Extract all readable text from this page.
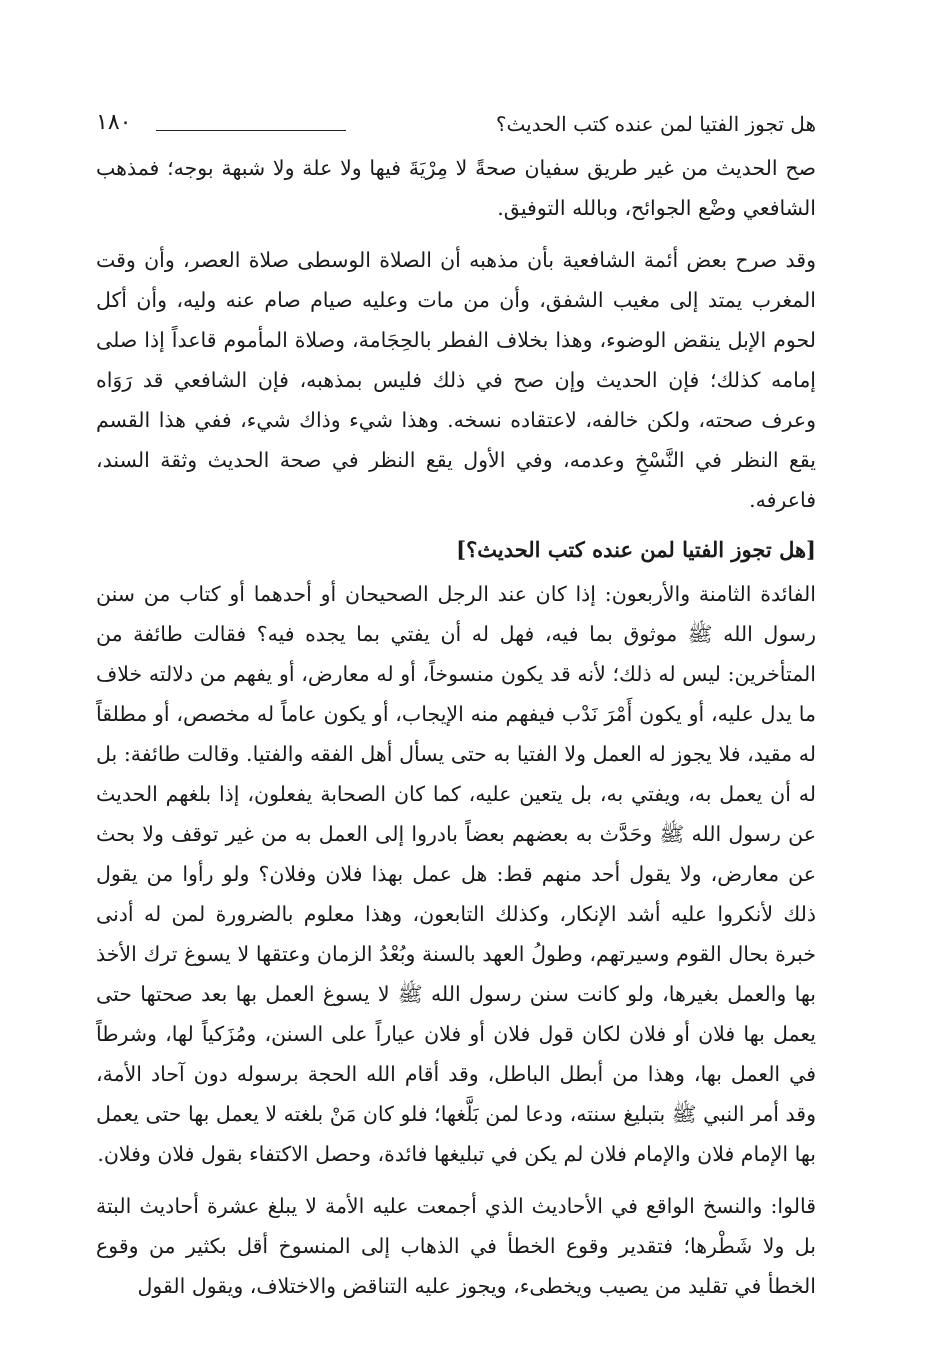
هل تجوز الفتيا لمن عنده كتب الحديث؟
١٨٠

صح الحديث من غير طريق سفيان صحةً لا مِرْيَةَ فيها ولا علة ولا شبهة بوجه؛ فمذهب الشافعي وضْع الجوائح، وبالله التوفيق.

وقد صرح بعض أئمة الشافعية بأن مذهبه أن الصلاة الوسطى صلاة العصر، وأن وقت المغرب يمتد إلى مغيب الشفق، وأن من مات وعليه صيام صام عنه وليه، وأن أكل لحوم الإبل ينقض الوضوء، وهذا بخلاف الفطر بالحِجَامة، وصلاة المأموم قاعداً إذا صلى إمامه كذلك؛ فإن الحديث وإن صح في ذلك فليس بمذهبه، فإن الشافعي قد رَوَاه وعرف صحته، ولكن خالفه، لاعتقاده نسخه. وهذا شيء وذاك شيء، ففي هذا القسم يقع النظر في النَّسْخِ وعدمه، وفي الأول يقع النظر في صحة الحديث وثقة السند، فاعرفه.

[هل تجوز الفتيا لمن عنده كتب الحديث؟]

الفائدة الثامنة والأربعون: إذا كان عند الرجل الصحيحان أو أحدهما أو كتاب من سنن رسول الله ﷺ موثوق بما فيه، فهل له أن يفتي بما يجده فيه؟ فقالت طائفة من المتأخرين: ليس له ذلك؛ لأنه قد يكون منسوخاً، أو له معارض، أو يفهم من دلالته خلاف ما يدل عليه، أو يكون أَمْرَ نَدْب فيفهم منه الإيجاب، أو يكون عاماً له مخصص، أو مطلقاً له مقيد، فلا يجوز له العمل ولا الفتيا به حتى يسأل أهل الفقه والفتيا. وقالت طائفة: بل له أن يعمل به، ويفتي به، بل يتعين عليه، كما كان الصحابة يفعلون، إذا بلغهم الحديث عن رسول الله ﷺ وحَدَّث به بعضهم بعضاً بادروا إلى العمل به من غير توقف ولا بحث عن معارض، ولا يقول أحد منهم قط: هل عمل بهذا فلان وفلان؟ ولو رأوا من يقول ذلك لأنكروا عليه أشد الإنكار، وكذلك التابعون، وهذا معلوم بالضرورة لمن له أدنى خبرة بحال القوم وسيرتهم، وطولُ العهد بالسنة وبُعْدُ الزمان وعتقها لا يسوغ ترك الأخذ بها والعمل بغيرها، ولو كانت سنن رسول الله ﷺ لا يسوغ العمل بها بعد صحتها حتى يعمل بها فلان أو فلان لكان قول فلان أو فلان عياراً على السنن، ومُزَكياً لها، وشرطاً في العمل بها، وهذا من أبطل الباطل، وقد أقام الله الحجة برسوله دون آحاد الأمة، وقد أمر النبي ﷺ بتبليغ سنته، ودعا لمن بَلَّغها؛ فلو كان مَنْ بلغته لا يعمل بها حتى يعمل بها الإمام فلان والإمام فلان لم يكن في تبليغها فائدة، وحصل الاكتفاء بقول فلان وفلان.

قالوا: والنسخ الواقع في الأحاديث الذي أجمعت عليه الأمة لا يبلغ عشرة أحاديث البتة بل ولا شَطْرها؛ فتقدير وقوع الخطأ في الذهاب إلى المنسوخ أقل بكثير من وقوع الخطأ في تقليد من يصيب ويخطىء، ويجوز عليه التناقض والاختلاف، ويقول القول
